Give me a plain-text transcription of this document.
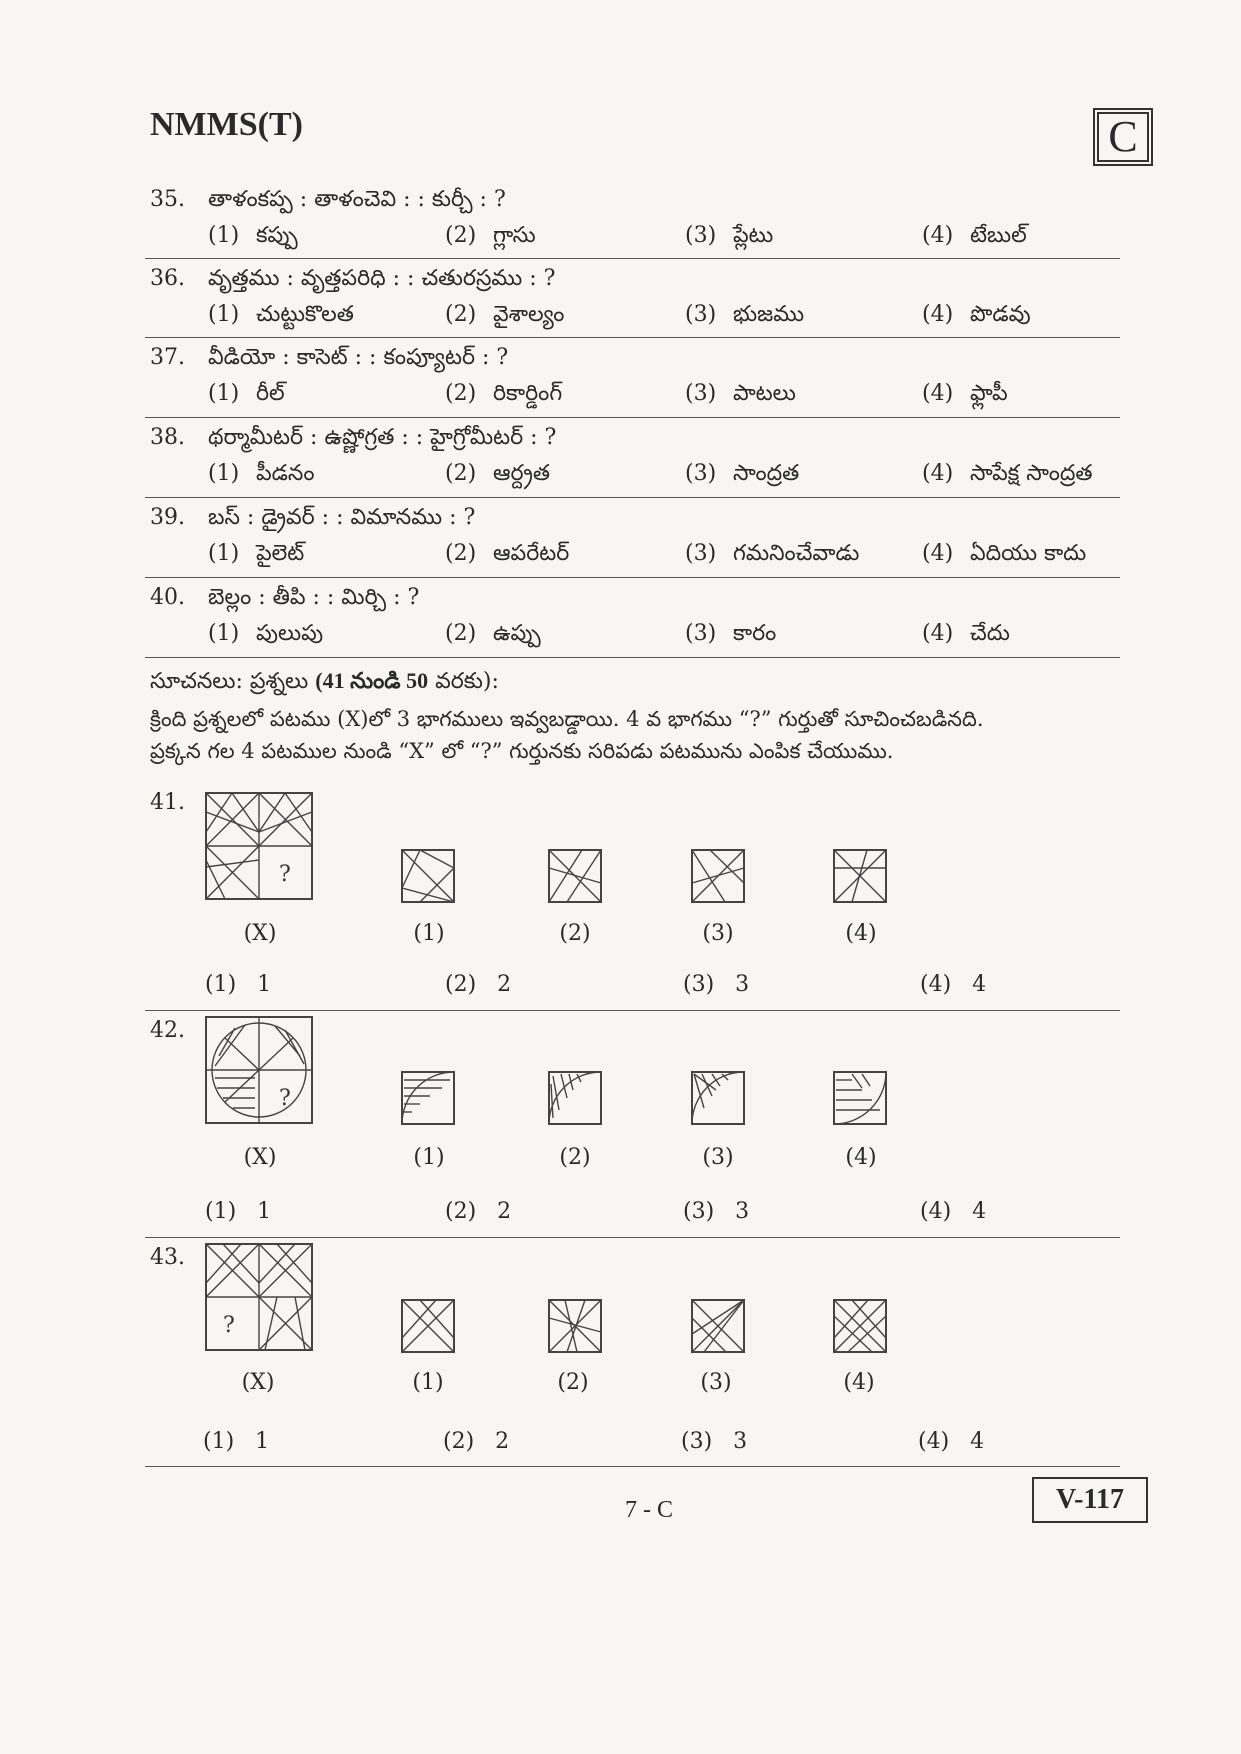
NMMS(T)	C
35. తాళంకప్ప : తాళంచెవి : : కుర్చీ : ?
(1) కప్పు	(2) గ్లాసు	(3) ప్లేటు	(4) టేబుల్
36. వృత్తము : వృత్తపరిధి : : చతురస్రము : ?
(1) చుట్టుకొలత	(2) వైశాల్యం	(3) భుజము	(4) పొడవు
37. వీడియో : కాసెట్ : : కంప్యూటర్ : ?
(1) రీల్	(2) రికార్డింగ్	(3) పాటలు	(4) ఫ్లాపీ
38. థర్మామీటర్ : ఉష్ణోగ్రత : : హైగ్రోమీటర్ : ?
(1) పీడనం	(2) ఆర్ద్రత	(3) సాంద్రత	(4) సాపేక్ష సాంద్రత
39. బస్ : డ్రైవర్ : : విమానము : ?
(1) పైలెట్	(2) ఆపరేటర్	(3) గమనించేవాడు	(4) ఏదియు కాదు
40. బెల్లం : తీపి : : మిర్చి : ?
(1) పులుపు	(2) ఉప్పు	(3) కారం	(4) చేదు
సూచనలు: ప్రశ్నలు (41 నుండి 50 వరకు):
క్రింది ప్రశ్నలలో పటము (X)లో 3 భాగములు ఇవ్వబడ్డాయి. 4 వ భాగము “?” గుర్తుతో సూచించబడినది.
ప్రక్కన గల 4 పటముల నుండి “X” లో “?” గుర్తునకు సరిపడు పటమును ఎంపిక చేయుము.
41.
?
(X)	(1)	(2)	(3)	(4)
(1) 1	(2) 2	(3) 3	(4) 4
42.
?
(X)	(1)	(2)	(3)	(4)
(1) 1	(2) 2	(3) 3	(4) 4
43.
?
(X)	(1)	(2)	(3)	(4)
(1) 1	(2) 2	(3) 3	(4) 4
7 - C	V-117
